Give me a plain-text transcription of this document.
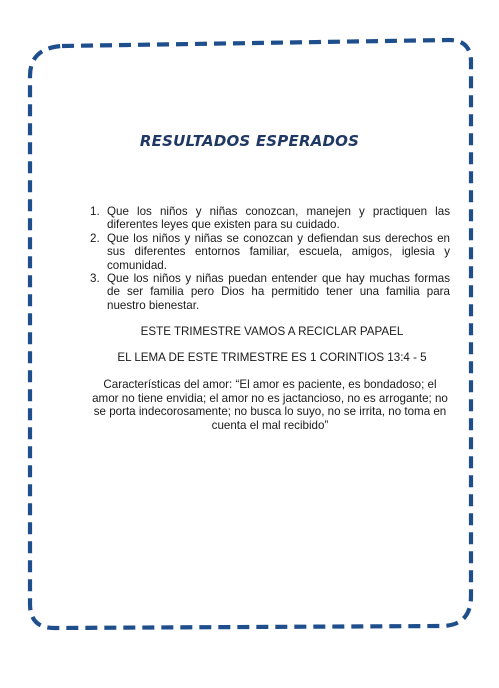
RESULTADOS ESPERADOS
1. Que los niños y niñas conozcan, manejen y practiquen las diferentes leyes que existen para su cuidado.
2. Que los niños y niñas se conozcan y defiendan sus derechos en sus diferentes entornos familiar, escuela, amigos, iglesia y comunidad.
3. Que los niños y niñas puedan entender que hay muchas formas de ser familia pero Dios ha permitido tener una familia para nuestro bienestar.
ESTE TRIMESTRE VAMOS A RECICLAR PAPAEL
EL LEMA DE ESTE TRIMESTRE ES 1 CORINTIOS 13:4 - 5
Características del amor: “El amor es paciente, es bondadoso; el amor no tiene envidia; el amor no es jactancioso, no es arrogante; no se porta indecorosamente; no busca lo suyo, no se irrita, no toma en cuenta el mal recibido”
